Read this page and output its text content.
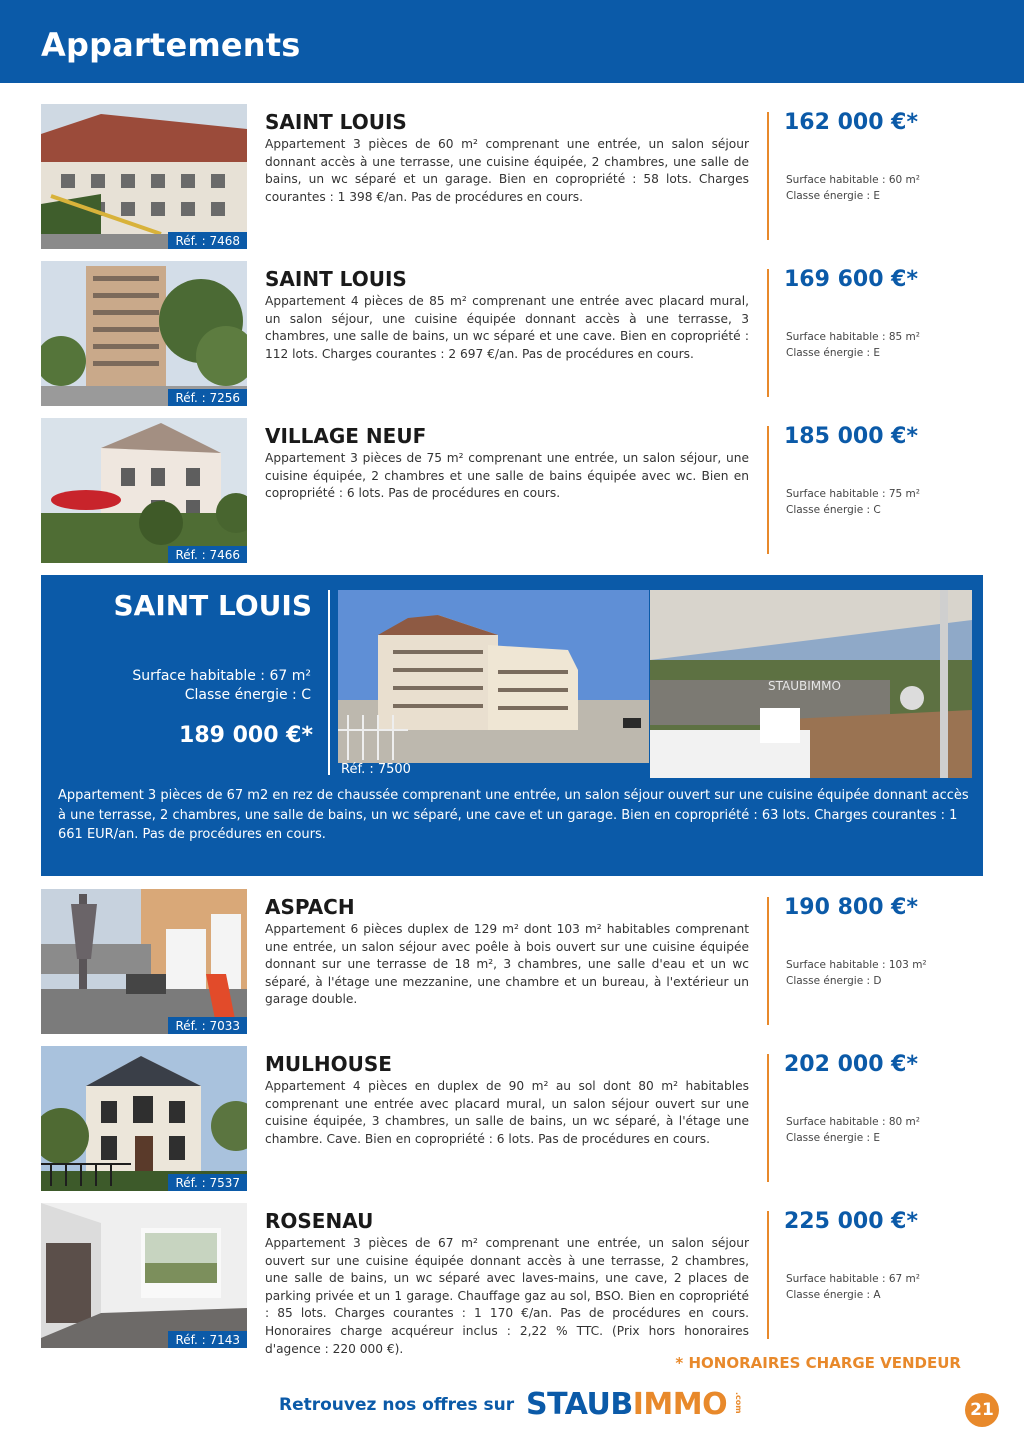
Appartements
Réf. : 7468
SAINT LOUIS
Appartement 3 pièces de 60 m² comprenant une entrée, un salon séjour donnant accès à une terrasse, une cuisine équipée, 2 chambres, une salle de bains, un wc séparé et un garage. Bien en copropriété : 58 lots. Charges courantes : 1 398 €/an. Pas de procédures en cours.
162 000 €*
Surface habitable : 60 m²
Classe énergie : E
Réf. : 7256
SAINT LOUIS
Appartement 4 pièces de 85 m² comprenant une entrée avec placard mural, un salon séjour, une cuisine équipée donnant accès à une terrasse, 3 chambres, une salle de bains, un wc séparé et une cave. Bien en copropriété : 112 lots. Charges courantes : 2 697 €/an. Pas de procédures en cours.
169 600 €*
Surface habitable : 85 m²
Classe énergie : E
Réf. : 7466
VILLAGE NEUF
Appartement 3 pièces de 75 m² comprenant une entrée, un salon séjour, une cuisine équipée, 2 chambres et une salle de bains équipée avec wc. Bien en copropriété : 6 lots. Pas de procédures en cours.
185 000 €*
Surface habitable : 75 m²
Classe énergie : C
SAINT LOUIS
Surface habitable : 67 m²
Classe énergie : C
189 000 €*
STAUBIMMO
Réf. : 7500
Appartement 3 pièces de 67 m2 en rez de chaussée comprenant une entrée, un salon séjour ouvert sur une cuisine équipée donnant accès à une terrasse, 2 chambres, une salle de bains, un wc séparé, une cave et un garage. Bien en copropriété : 63 lots. Charges courantes : 1 661 EUR/an. Pas de procédures en cours.
Réf. : 7033
ASPACH
Appartement 6 pièces duplex de 129 m² dont 103 m² habitables comprenant une entrée, un salon séjour avec poêle à bois ouvert sur une cuisine équipée donnant sur une terrasse de 18 m², 3 chambres, une salle d'eau et un wc séparé, à l'étage une mezzanine, une chambre et un bureau, à l'extérieur un garage double.
190 800 €*
Surface habitable : 103 m²
Classe énergie : D
Réf. : 7537
MULHOUSE
Appartement 4 pièces en duplex de 90 m² au sol dont 80 m² habitables comprenant une entrée avec placard mural, un salon séjour ouvert sur une cuisine équipée, 3 chambres, un salle de bains, un wc séparé, à l'étage une chambre. Cave. Bien en copropriété : 6 lots. Pas de procédures en cours.
202 000 €*
Surface habitable : 80 m²
Classe énergie : E
Réf. : 7143
ROSENAU
Appartement 3 pièces de 67 m² comprenant une entrée, un salon séjour ouvert sur une cuisine équipée donnant accès à une terrasse, 2 chambres, une salle de bains, un wc séparé avec laves-mains, une cave, 2 places de parking privée et un 1 garage. Chauffage gaz au sol, BSO. Bien en copropriété : 85 lots. Charges courantes : 1 170 €/an. Pas de procédures en cours. Honoraires charge acquéreur inclus : 2,22 % TTC. (Prix hors honoraires d'agence : 220 000 €).
225 000 €*
Surface habitable : 67 m²
Classe énergie : A
* HONORAIRES CHARGE VENDEUR
Retrouvez nos offres sur STAUBIMMO .com	21
